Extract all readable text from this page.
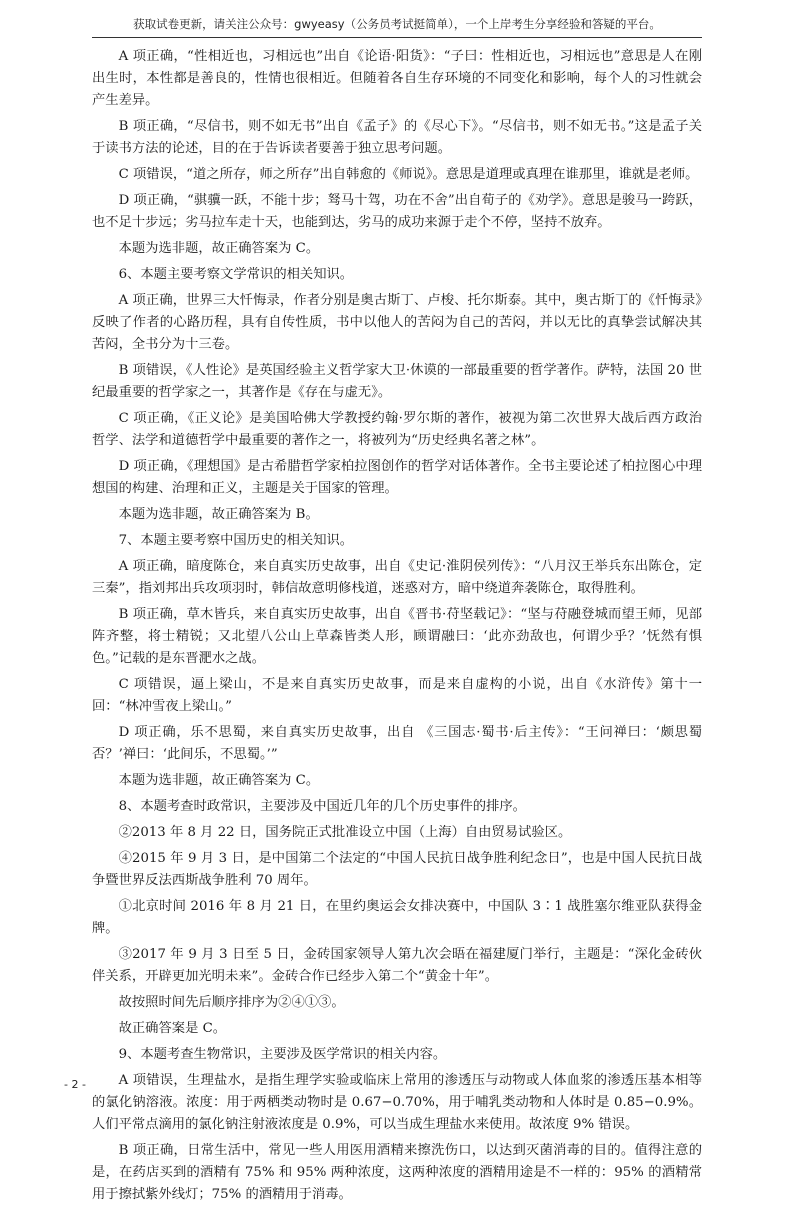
获取试卷更新，请关注公众号：gwyeasy（公务员考试挺简单），一个上岸考生分享经验和答疑的平台。

A 项正确，“性相近也，习相远也”出自《论语·阳货》：“子曰：性相近也，习相远也”意思是人在刚出生时，本性都是善良的，性情也很相近。但随着各自生存环境的不同变化和影响，每个人的习性就会产生差异。

B 项正确，“尽信书，则不如无书”出自《孟子》的《尽心下》。“尽信书，则不如无书。”这是孟子关于读书方法的论述，目的在于告诉读者要善于独立思考问题。

C 项错误，“道之所存，师之所存”出自韩愈的《师说》。意思是道理或真理在谁那里，谁就是老师。

D 项正确，“骐骥一跃，不能十步；驽马十驾，功在不舍”出自荀子的《劝学》。意思是骏马一跨跃，也不足十步远；劣马拉车走十天，也能到达，劣马的成功来源于走个不停，坚持不放弃。

本题为选非题，故正确答案为 C。

6、本题主要考察文学常识的相关知识。

A 项正确，世界三大忏悔录，作者分别是奥古斯丁、卢梭、托尔斯泰。其中，奥古斯丁的《忏悔录》反映了作者的心路历程，具有自传性质，书中以他人的苦闷为自己的苦闷，并以无比的真挚尝试解决其苦闷，全书分为十三卷。

B 项错误，《人性论》是英国经验主义哲学家大卫·休谟的一部最重要的哲学著作。萨特，法国 20 世纪最重要的哲学家之一，其著作是《存在与虚无》。

C 项正确，《正义论》是美国哈佛大学教授约翰·罗尔斯的著作，被视为第二次世界大战后西方政治哲学、法学和道德哲学中最重要的著作之一，将被列为“历史经典名著之林”。

D 项正确，《理想国》是古希腊哲学家柏拉图创作的哲学对话体著作。全书主要论述了柏拉图心中理想国的构建、治理和正义，主题是关于国家的管理。

本题为选非题，故正确答案为 B。

7、本题主要考察中国历史的相关知识。

A 项正确，暗度陈仓，来自真实历史故事，出自《史记·淮阴侯列传》：“八月汉王举兵东出陈仓，定三秦”，指刘邦出兵攻项羽时，韩信故意明修栈道，迷惑对方，暗中绕道奔袭陈仓，取得胜利。

B 项正确，草木皆兵，来自真实历史故事，出自《晋书·苻坚载记》：“坚与苻融登城而望王师，见部阵齐整，将士精锐；又北望八公山上草森皆类人形，顾谓融曰：‘此亦劲敌也，何谓少乎？’怃然有惧色。”记载的是东晋淝水之战。

C 项错误，逼上梁山，不是来自真实历史故事，而是来自虚构的小说，出自《水浒传》第十一回：“林冲雪夜上梁山。”

D 项正确，乐不思蜀，来自真实历史故事，出自 《三国志·蜀书·后主传》：“王问禅曰：‘颇思蜀否？’禅曰：‘此间乐，不思蜀。’”

本题为选非题，故正确答案为 C。

8、本题考查时政常识，主要涉及中国近几年的几个历史事件的排序。

②2013 年 8 月 22 日，国务院正式批准设立中国（上海）自由贸易试验区。

④2015 年 9 月 3 日，是中国第二个法定的“中国人民抗日战争胜利纪念日”，也是中国人民抗日战争暨世界反法西斯战争胜利 70 周年。

①北京时间 2016 年 8 月 21 日，在里约奥运会女排决赛中，中国队 3∶1 战胜塞尔维亚队获得金牌。

③2017 年 9 月 3 日至 5 日，金砖国家领导人第九次会晤在福建厦门举行，主题是：“深化金砖伙伴关系，开辟更加光明未来”。金砖合作已经步入第二个“黄金十年”。

故按照时间先后顺序排序为②④①③。

故正确答案是 C。

9、本题考查生物常识，主要涉及医学常识的相关内容。

A 项错误，生理盐水，是指生理学实验或临床上常用的渗透压与动物或人体血浆的渗透压基本相等的氯化钠溶液。浓度：用于两栖类动物时是 0.67−0.70%，用于哺乳类动物和人体时是 0.85−0.9%。人们平常点滴用的氯化钠注射液浓度是 0.9%，可以当成生理盐水来使用。故浓度 9% 错误。

B 项正确，日常生活中，常见一些人用医用酒精来擦洗伤口，以达到灭菌消毒的目的。值得注意的是，在药店买到的酒精有 75% 和 95% 两种浓度，这两种浓度的酒精用途是不一样的：95% 的酒精常用于擦拭紫外线灯；75% 的酒精用于消毒。

- 2 -
